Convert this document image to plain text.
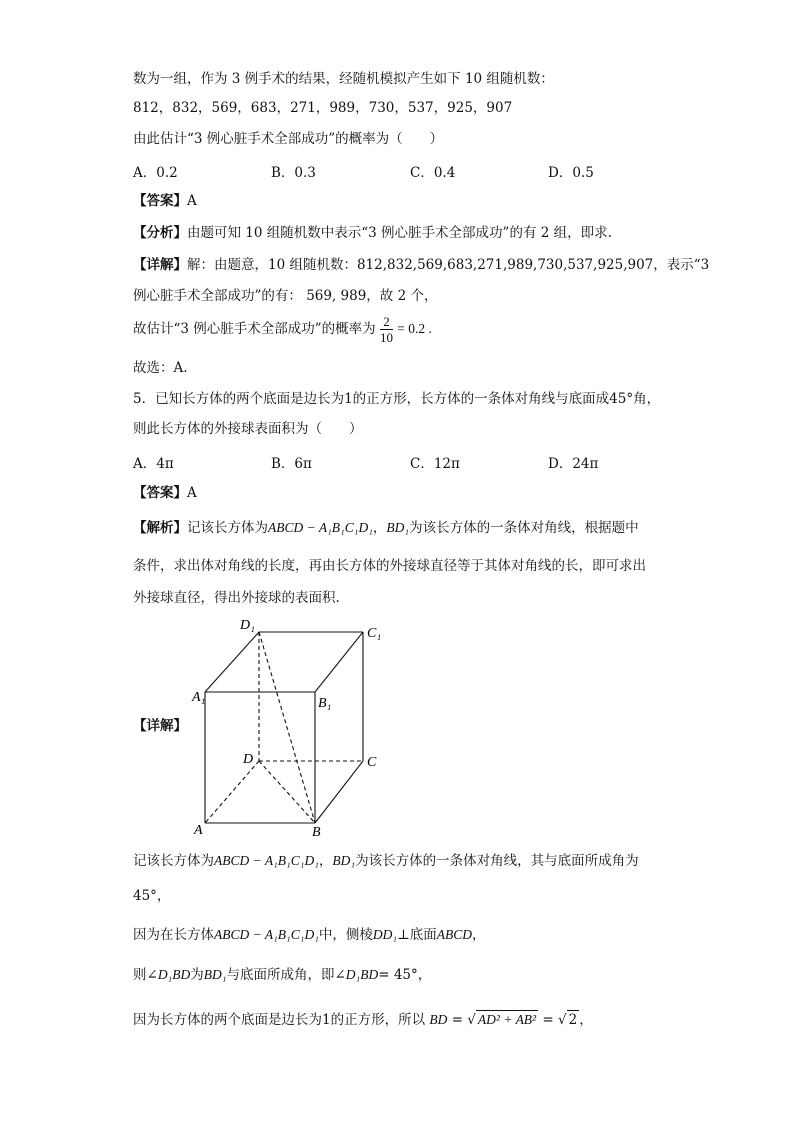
数为一组，作为 3 例手术的结果，经随机模拟产生如下 10 组随机数：
812，832，569，683，271，989，730，537，925，907
由此估计“3 例心脏手术全部成功”的概率为（　　）
A．0.2	B．0.3	C．0.4	D．0.5
【答案】A
【分析】由题可知 10 组随机数中表示“3 例心脏手术全部成功”的有 2 组，即求.
【详解】解：由题意，10 组随机数：812,832,569,683,271,989,730,537,925,907，表示“3
例心脏手术全部成功”的有： 569, 989，故 2 个，
故估计“3 例心脏手术全部成功”的概率为 $\frac{2}{10} = 0.2$ .
故选：A.
5．已知长方体的两个底面是边长为1的正方形，长方体的一条体对角线与底面成45°角，
则此长方体的外接球表面积为（　　）
A．4π	B．6π	C．12π	D．24π
【答案】A
【解析】记该长方体为ABCD − A₁B₁C₁D₁，BD₁为该长方体的一条体对角线，根据题中
条件，求出体对角线的长度，再由长方体的外接球直径等于其体对角线的长，即可求出
外接球直径，得出外接球的表面积.
D₁
C₁
A₁	B₁
D	C
A	B
【详解】
记该长方体为ABCD − A₁B₁C₁D₁，BD₁为该长方体的一条体对角线，其与底面所成角为
45°，
因为在长方体ABCD − A₁B₁C₁D₁中，侧棱DD₁⊥底面ABCD，
则∠D₁BD为BD₁与底面所成角，即∠D₁BD= 45°，
因为长方体的两个底面是边长为1的正方形，所以 BD = √ AD² + AB² = √ 2 ，
